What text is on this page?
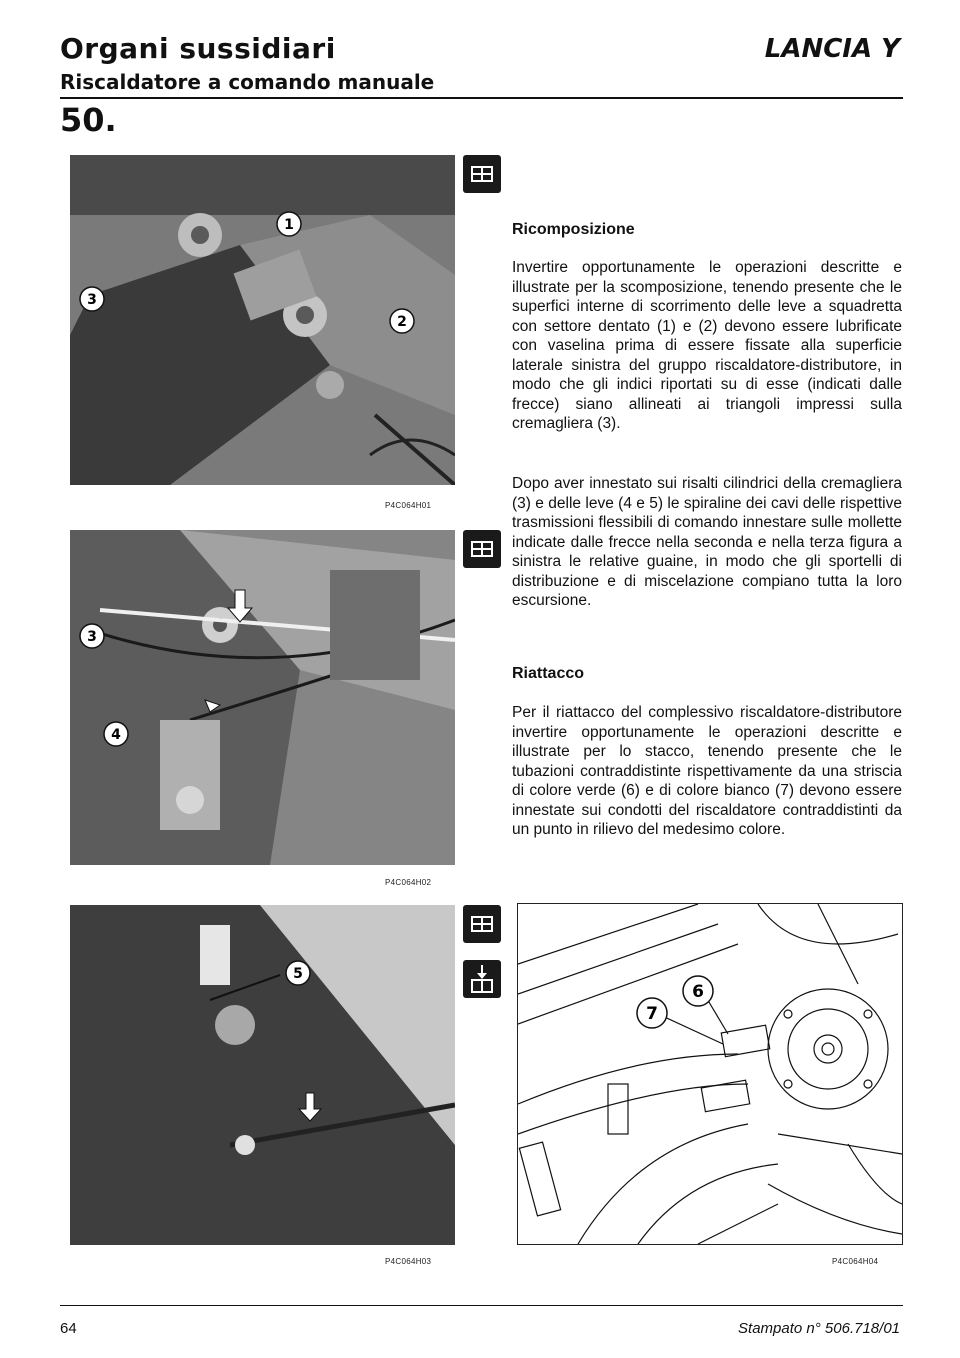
Organi sussidiari	LANCIA Y
Riscaldatore a comando manuale
50.
1
2
3
P4C064H01
3
4
P4C064H02
5
P4C064H03
Ricomposizione
Invertire opportunamente le operazioni descritte e illustrate per la scomposizione, tenendo presente che le superfici interne di scorrimento delle leve a squadretta con settore dentato (1) e (2) devono essere lubrificate con vaselina prima di essere fissate alla superficie laterale sinistra del gruppo riscaldatore-distributore, in modo che gli indici riportati su di esse (indicati dalle frecce) siano allineati ai triangoli impressi sulla cremagliera (3).
Dopo aver innestato sui risalti cilindrici della cremagliera (3) e delle leve (4 e 5) le spiraline dei cavi delle rispettive trasmissioni flessibili di comando innestare sulle mollette indicate dalle frecce nella seconda e nella terza figura a sinistra le relative guaine, in modo che gli sportelli di distribuzione e di miscelazione compiano tutta la loro escursione.
Riattacco
Per il riattacco del complessivo riscaldatore-distributore invertire opportunamente le operazioni descritte e illustrate per lo stacco, tenendo presente che le tubazioni contraddistinte rispettivamente da una striscia di colore verde (6) e di colore bianco (7) devono essere innestate sui condotti del riscaldatore contraddistinti da un punto in rilievo del medesimo colore.
7
6
P4C064H04
64	Stampato n° 506.718/01
